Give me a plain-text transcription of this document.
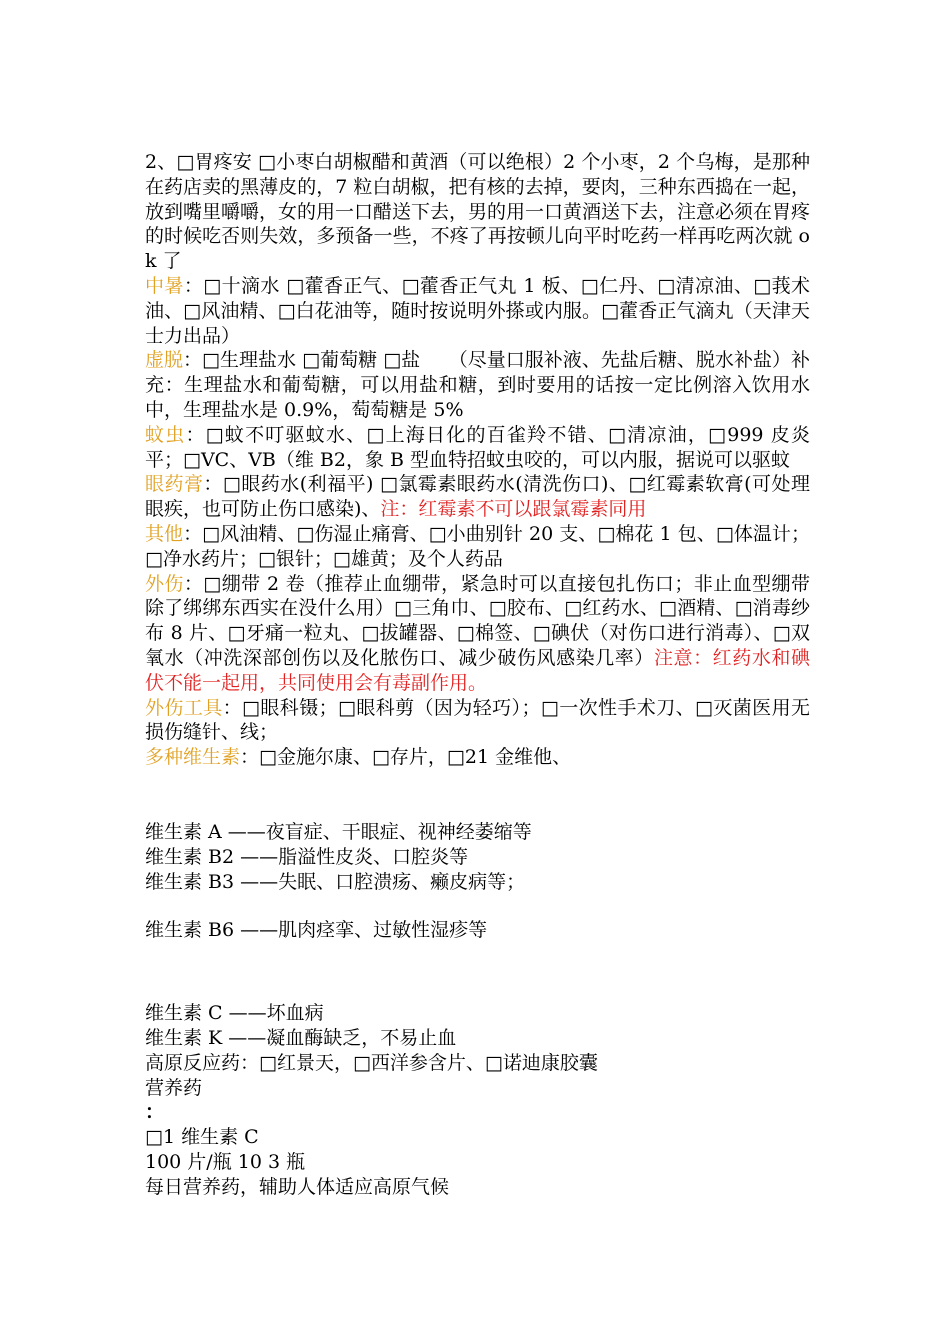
2、□胃疼安 □小枣白胡椒醋和黄酒（可以绝根）2 个小枣，2 个乌梅，是那种在药店卖的黑薄皮的，7 粒白胡椒，把有核的去掉，要肉，三种东西捣在一起，放到嘴里嚼嚼，女的用一口醋送下去，男的用一口黄酒送下去，注意必须在胃疼的时候吃否则失效，多预备一些，不疼了再按顿儿向平时吃药一样再吃两次就 ok 了

中暑：□十滴水 □藿香正气、□藿香正气丸 1 板、□仁丹、□清凉油、□莪术油、□风油精、□白花油等，随时按说明外搽或内服。□藿香正气滴丸（天津天士力出品）

虚脱：□生理盐水 □葡萄糖 □盐　　（尽量口服补液、先盐后糖、脱水补盐）补充：生理盐水和葡萄糖，可以用盐和糖，到时要用的话按一定比例溶入饮用水中，生理盐水是 0.9%，萄萄糖是 5%

蚊虫：□蚊不叮驱蚊水、□上海日化的百雀羚不错、□清凉油，□999 皮炎平；□VC、VB（维 B2，象 B 型血特招蚊虫咬的，可以内服，据说可以驱蚊

眼药膏：□眼药水(利福平) □氯霉素眼药水(清洗伤口)、□红霉素软膏(可处理眼疾，也可防止伤口感染)、注：红霉素不可以跟氯霉素同用

其他：□风油精、□伤湿止痛膏、□小曲别针 20 支、□棉花 1 包、□体温计；□净水药片；□银针；□雄黄；及个人药品

外伤：□绷带 2 卷（推荐止血绷带，紧急时可以直接包扎伤口；非止血型绷带除了绑绑东西实在没什么用）□三角巾、□胶布、□红药水、□酒精、□消毒纱布 8 片、□牙痛一粒丸、□拔罐器、□棉签、□碘伏（对伤口进行消毒）、□双氧水（冲洗深部创伤以及化脓伤口、减少破伤风感染几率）注意：红药水和碘伏不能一起用，共同使用会有毒副作用。

外伤工具：□眼科镊；□眼科剪（因为轻巧）；□一次性手术刀、□灭菌医用无损伤缝针、线；

多种维生素：□金施尔康、□存片，□21 金维他、

维生素 A ——夜盲症、干眼症、视神经萎缩等
维生素 B2 ——脂溢性皮炎、口腔炎等
维生素 B3 ——失眠、口腔溃疡、癞皮病等；
维生素 B6 ——肌肉痉挛、过敏性湿疹等
维生素 C ——坏血病
维生素 K ——凝血酶缺乏，不易止血
高原反应药：□红景天，□西洋参含片、□诺迪康胶囊
营养药
：
□1 维生素 C
100 片/瓶 10 3 瓶
每日营养药，辅助人体适应高原气候
